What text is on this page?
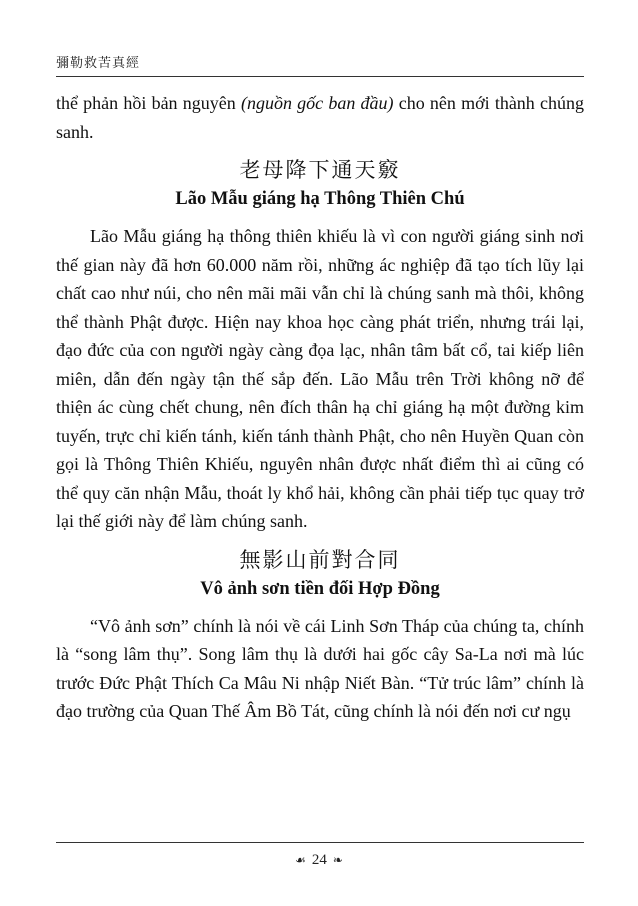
彌勒救苦真經

thể phản hồi bản nguyên (nguồn gốc ban đầu) cho nên mới thành chúng sanh.

老母降下通天竅
Lão Mẫu giáng hạ Thông Thiên Chú

Lão Mẫu giáng hạ thông thiên khiếu là vì con người giáng sinh nơi thế gian này đã hơn 60.000 năm rồi, những ác nghiệp đã tạo tích lũy lại chất cao như núi, cho nên mãi mãi vẫn chỉ là chúng sanh mà thôi, không thể thành Phật được. Hiện nay khoa học càng phát triển, nhưng trái lại, đạo đức của con người ngày càng đọa lạc, nhân tâm bất cổ, tai kiếp liên miên, dẫn đến ngày tận thế sắp đến. Lão Mẫu trên Trời không nỡ để thiện ác cùng chết chung, nên đích thân hạ chỉ giáng hạ một đường kim tuyến, trực chỉ kiến tánh, kiến tánh thành Phật, cho nên Huyền Quan còn gọi là Thông Thiên Khiếu, nguyên nhân được nhất điểm thì ai cũng có thể quy căn nhận Mẫu, thoát ly khổ hải, không cần phải tiếp tục quay trở lại thế giới này để làm chúng sanh.

無影山前對合同
Vô ảnh sơn tiền đối Hợp Đồng

“Vô ảnh sơn” chính là nói về cái Linh Sơn Tháp của chúng ta, chính là “song lâm thụ”. Song lâm thụ là dưới hai gốc cây Sa-La nơi mà lúc trước Đức Phật Thích Ca Mâu Ni nhập Niết Bàn. “Tử trúc lâm” chính là đạo trường của Quan Thế Âm Bồ Tát, cũng chính là nói đến nơi cư ngụ

☙ 24 ❧
